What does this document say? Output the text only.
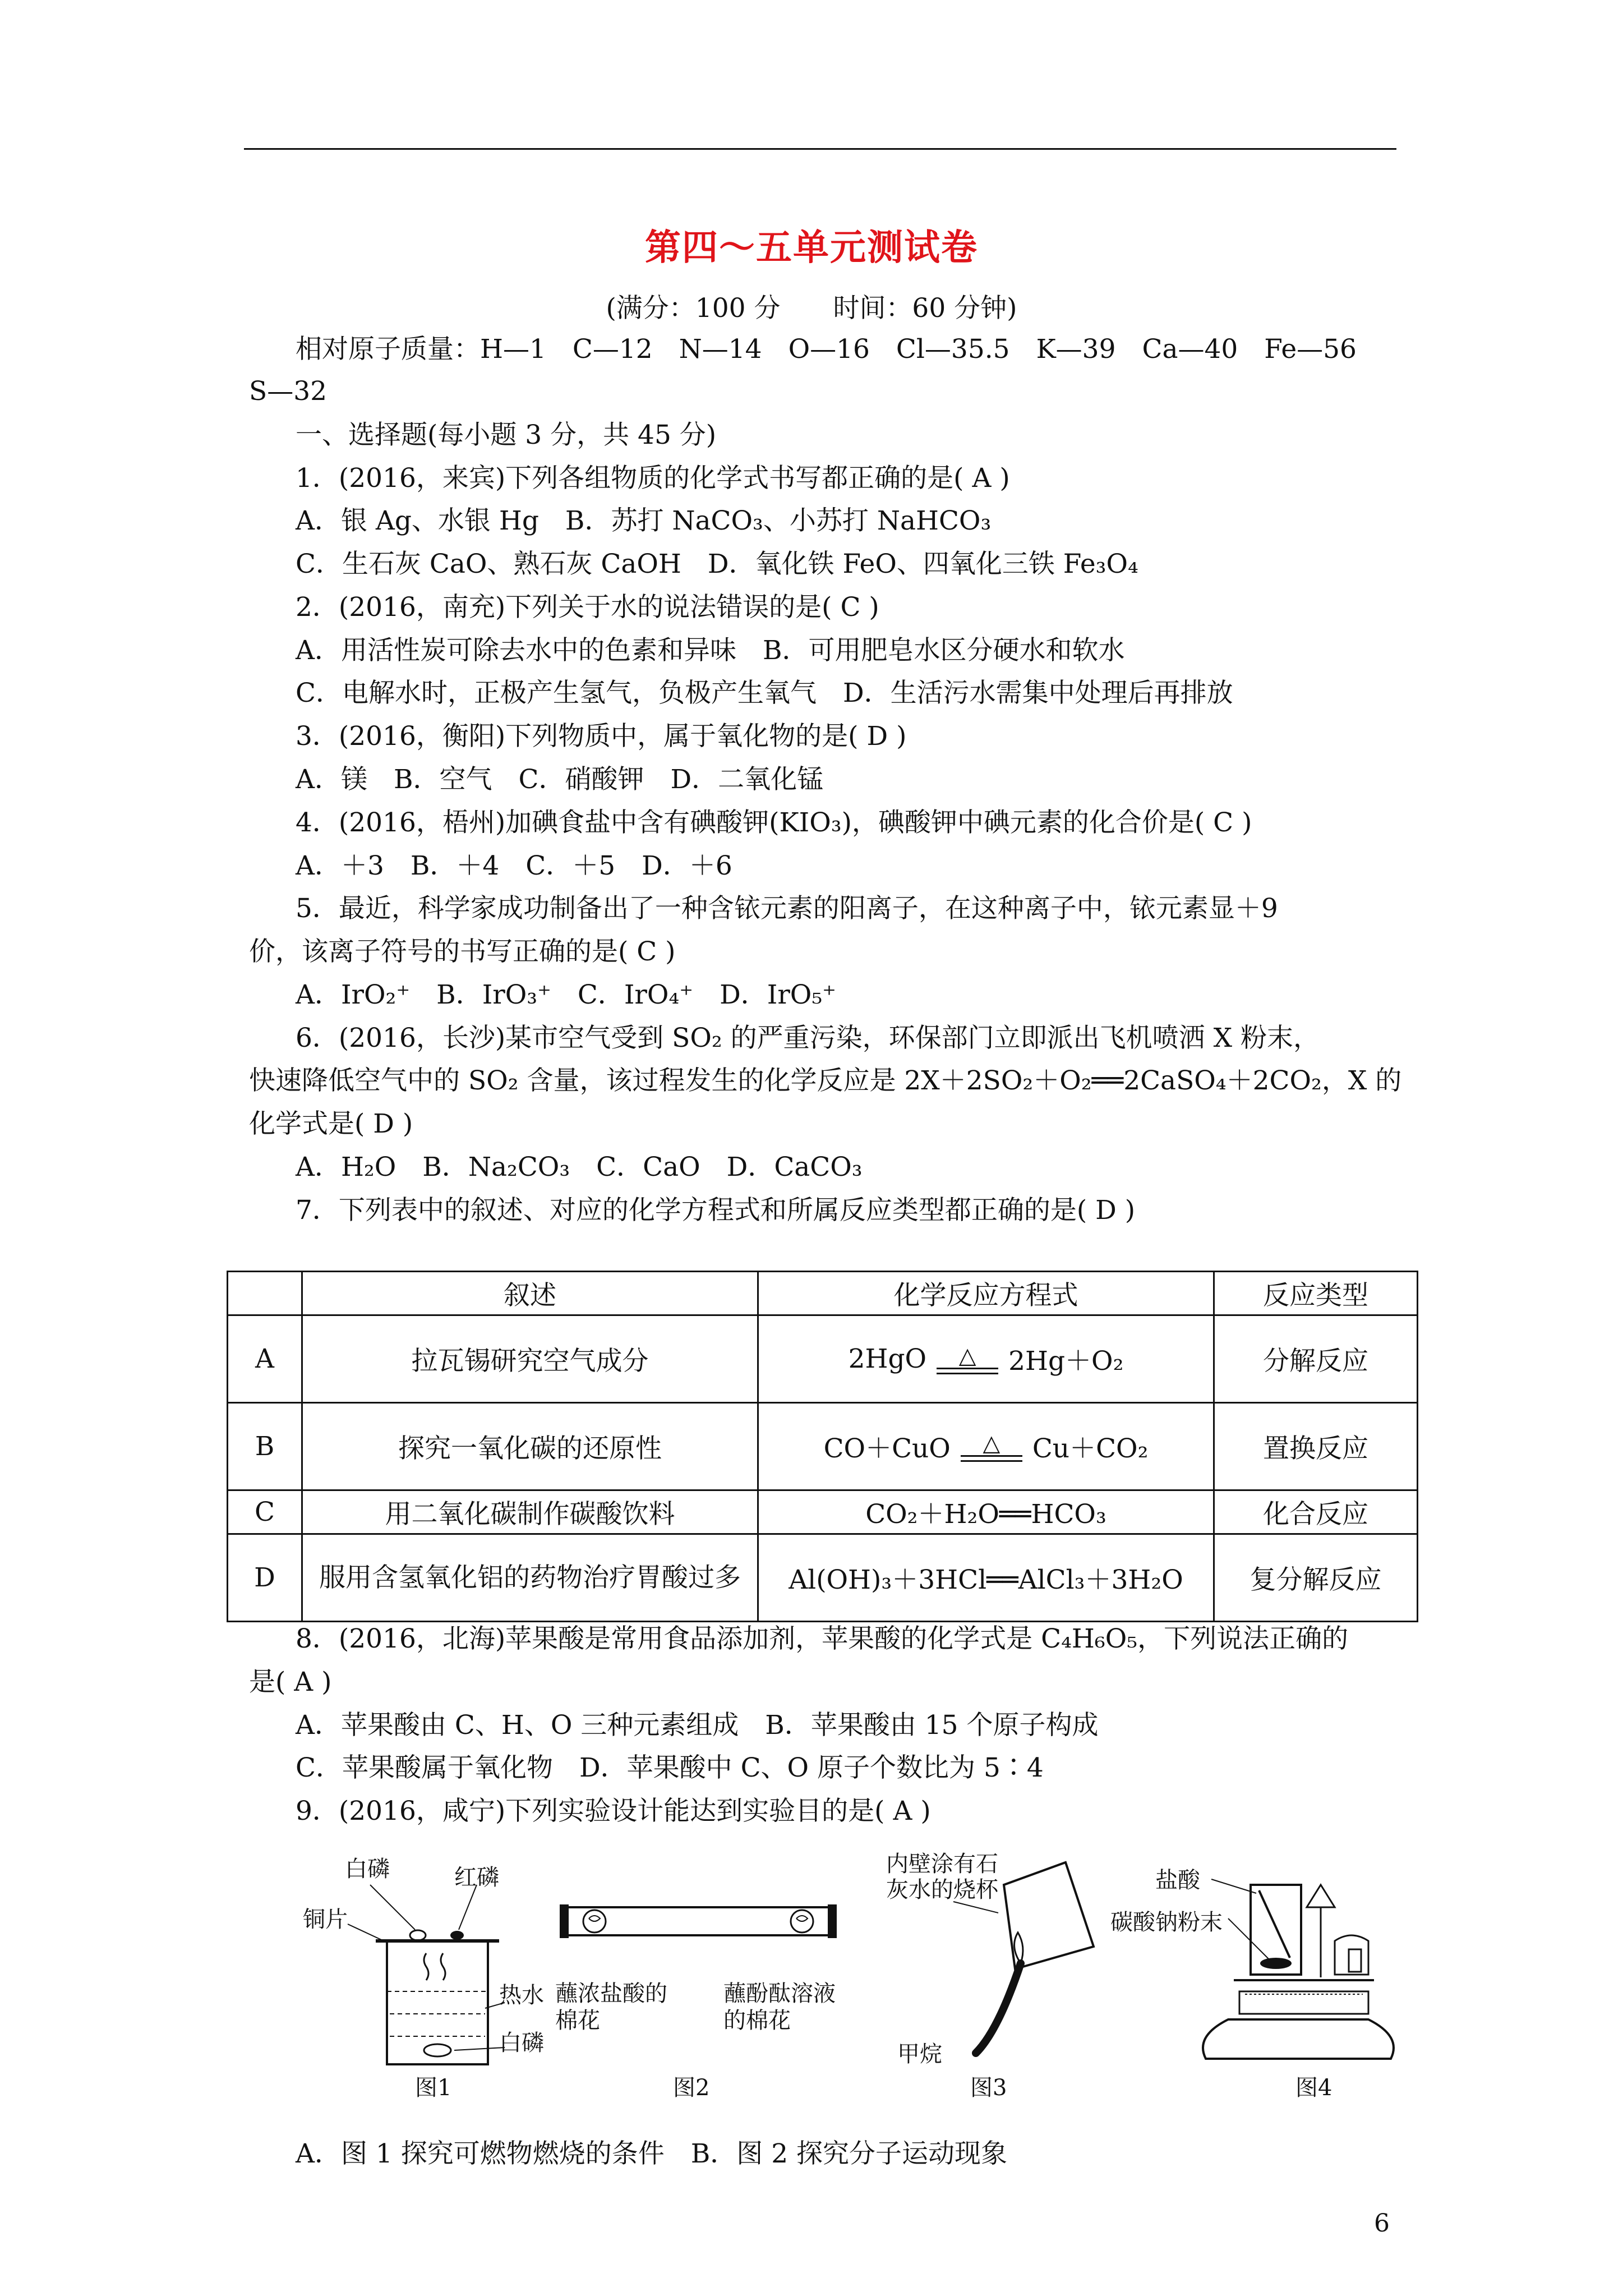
第四～五单元测试卷
(满分：100 分　　时间：60 分钟)
相对原子质量：H—1　C—12　N—14　O—16　Cl—35.5　K—39　Ca—40　Fe—56
S—32
一、选择题(每小题 3 分，共 45 分)
1．(2016，来宾)下列各组物质的化学式书写都正确的是( A )
A．银 Ag、水银 Hg　B．苏打 NaCO₃、小苏打 NaHCO₃
C．生石灰 CaO、熟石灰 CaOH　D．氧化铁 FeO、四氧化三铁 Fe₃O₄
2．(2016，南充)下列关于水的说法错误的是( C )
A．用活性炭可除去水中的色素和异味　B．可用肥皂水区分硬水和软水
C．电解水时，正极产生氢气，负极产生氧气　D．生活污水需集中处理后再排放
3．(2016，衡阳)下列物质中，属于氧化物的是( D )
A．镁　B．空气　C．硝酸钾　D．二氧化锰
4．(2016，梧州)加碘食盐中含有碘酸钾(KIO₃)，碘酸钾中碘元素的化合价是( C )
A．＋3　B．＋4　C．＋5　D．＋6
5．最近，科学家成功制备出了一种含铱元素的阳离子，在这种离子中，铱元素显＋9
价，该离子符号的书写正确的是( C )
A．IrO₂⁺　B．IrO₃⁺　C．IrO₄⁺　D．IrO₅⁺
6．(2016，长沙)某市空气受到 SO₂ 的严重污染，环保部门立即派出飞机喷洒 X 粉末，
快速降低空气中的 SO₂ 含量，该过程发生的化学反应是 2X＋2SO₂＋O₂══2CaSO₄＋2CO₂，X 的
化学式是( D )
A．H₂O　B．Na₂CO₃　C．CaO　D．CaCO₃
7．下列表中的叙述、对应的化学方程式和所属反应类型都正确的是( D )
	叙述	化学反应方程式	反应类型
A	拉瓦锡研究空气成分	2HgO △ 2Hg＋O₂	分解反应
B	探究一氧化碳的还原性	CO＋CuO △ Cu＋CO₂	置换反应
C	用二氧化碳制作碳酸饮料	CO₂＋H₂O══HCO₃	化合反应
D	服用含氢氧化铝的药物治疗胃酸过多	Al(OH)₃＋3HCl══AlCl₃＋3H₂O	复分解反应
8．(2016，北海)苹果酸是常用食品添加剂，苹果酸的化学式是 C₄H₆O₅，下列说法正确的
是( A )
A．苹果酸由 C、H、O 三种元素组成　B．苹果酸由 15 个原子构成
C．苹果酸属于氧化物　D．苹果酸中 C、O 原子个数比为 5∶4
9．(2016，咸宁)下列实验设计能达到实验目的是( A )
白磷	红磷
铜片
热水
白磷
图1
蘸浓盐酸的棉花
蘸酚酞溶液的棉花
图2
内壁涂有石灰水的烧杯
甲烷
图3
盐酸
碳酸钠粉末
图4
A．图 1 探究可燃物燃烧的条件　B．图 2 探究分子运动现象
6
